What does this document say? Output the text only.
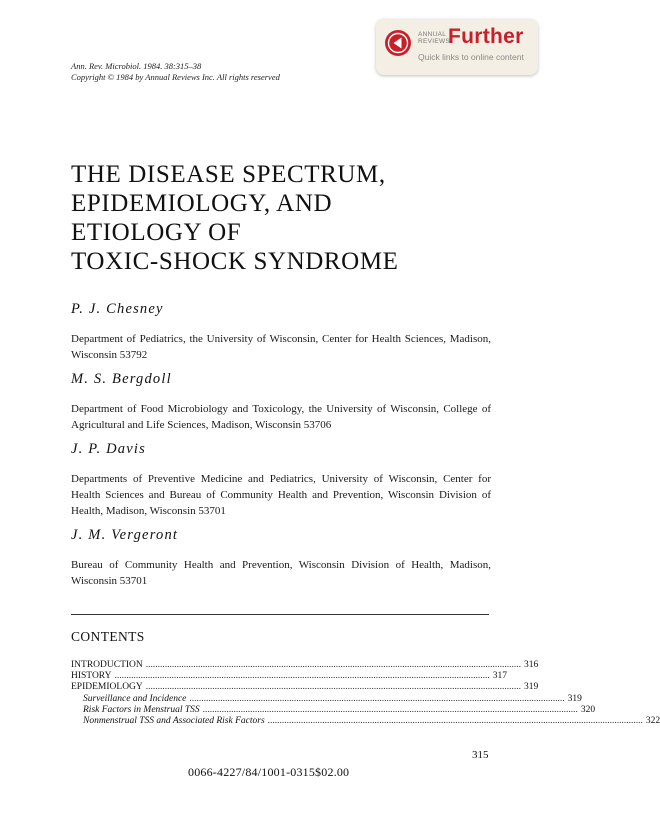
ANNUAL
REVIEWS
Further
Quick links to online content
Ann. Rev. Microbiol. 1984. 38:315–38
Copyright © 1984 by Annual Reviews Inc. All rights reserved
THE DISEASE SPECTRUM,
EPIDEMIOLOGY, AND
ETIOLOGY OF
TOXIC-SHOCK SYNDROME
P. J. Chesney
Department of Pediatrics, the University of Wisconsin, Center for Health Sciences, Madison, Wisconsin 53792
M. S. Bergdoll
Department of Food Microbiology and Toxicology, the University of Wisconsin, College of Agricultural and Life Sciences, Madison, Wisconsin 53706
J. P. Davis
Departments of Preventive Medicine and Pediatrics, University of Wisconsin, Center for Health Sciences and Bureau of Community Health and Prevention, Wisconsin Division of Health, Madison, Wisconsin 53701
J. M. Vergeront
Bureau of Community Health and Prevention, Wisconsin Division of Health, Madison, Wisconsin 53701
CONTENTS
INTRODUCTION .............................................................................................................................................................. 316
HISTORY .............................................................................................................................................................. 317
EPIDEMIOLOGY .............................................................................................................................................................. 319
Surveillance and Incidence .............................................................................................................................................................. 319
Risk Factors in Menstrual TSS .............................................................................................................................................................. 320
Nonmenstrual TSS and Associated Risk Factors .............................................................................................................................................................. 322
315
0066-4227/84/1001-0315$02.00
